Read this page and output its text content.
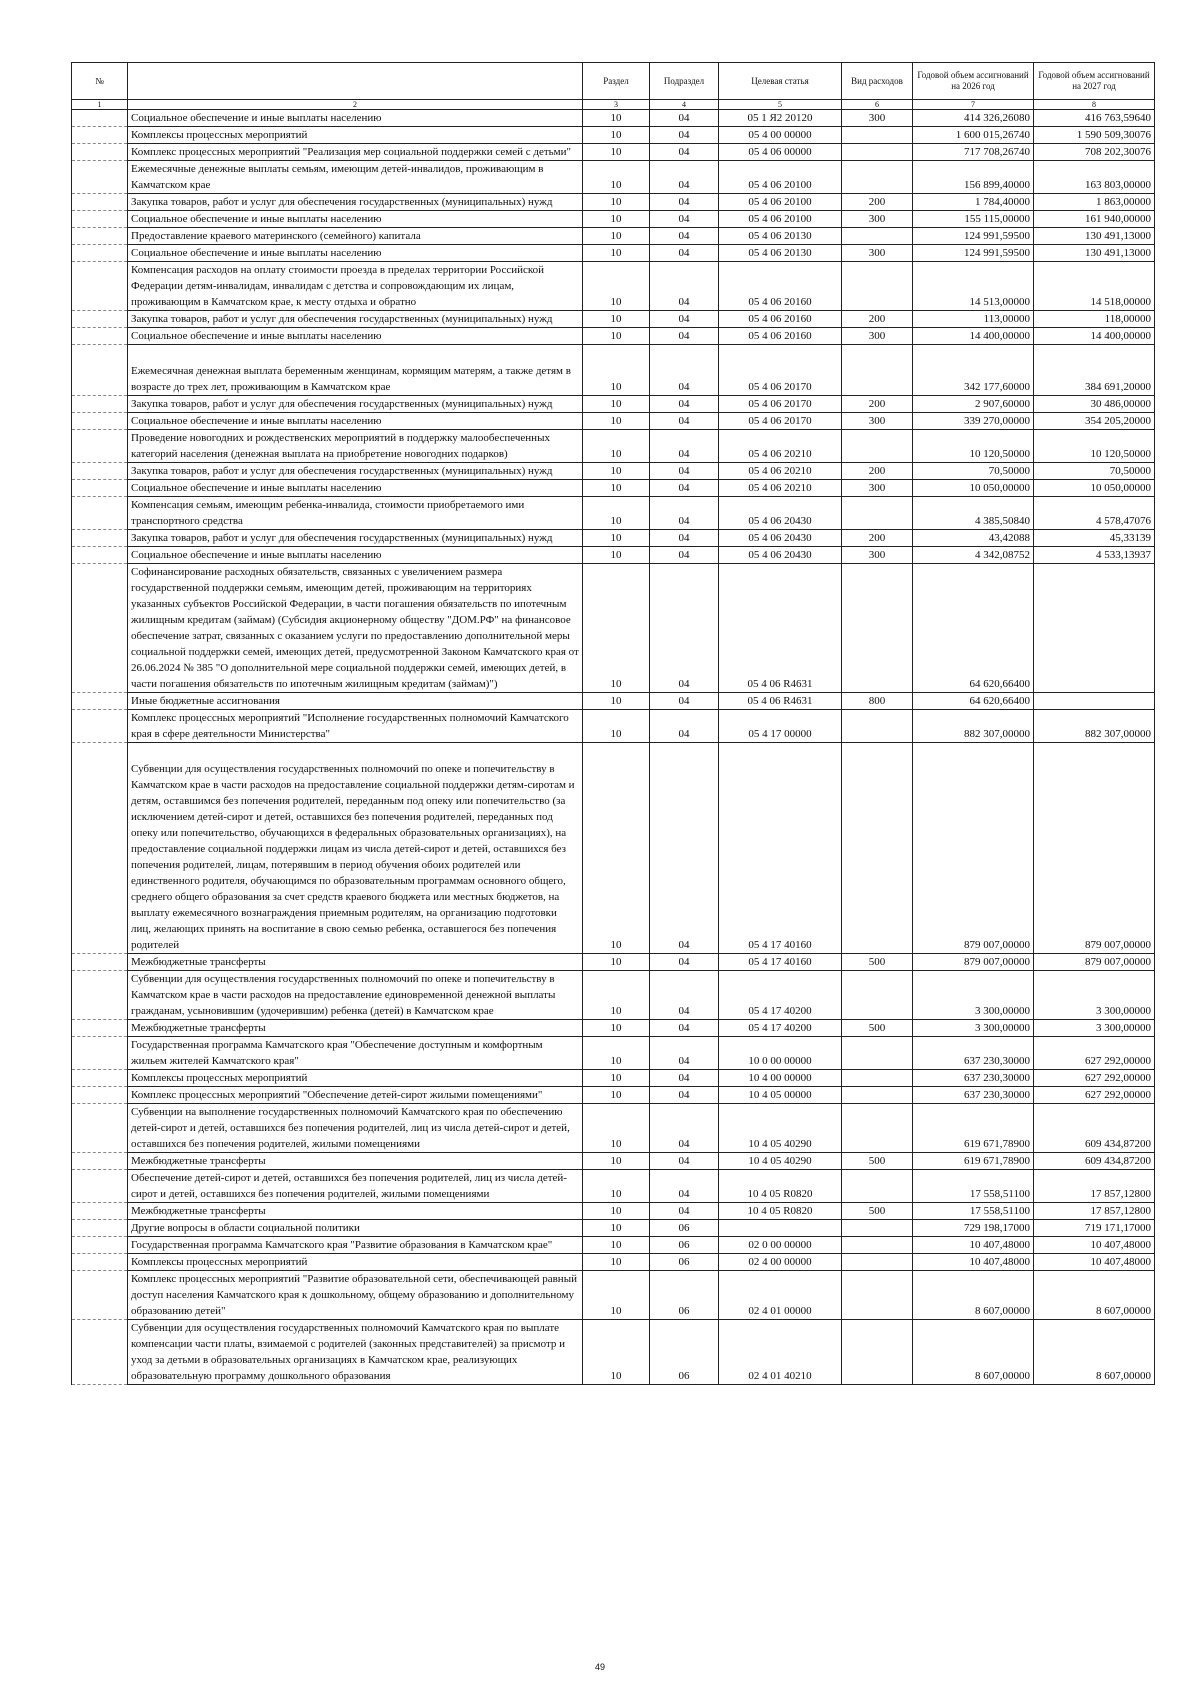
№		Раздел	Подраздел	Целевая статья	Вид расходов	Годовой объем ассигнований на 2026 год	Годовой объем ассигнований на 2027 год
1	2	3	4	5	6	7	8
	Социальное обеспечение и иные выплаты населению	10	04	05 1 Я2 20120	300	414 326,26080	416 763,59640
	Комплексы процессных мероприятий	10	04	05 4 00 00000		1 600 015,26740	1 590 509,30076
	Комплекс процессных мероприятий "Реализация мер социальной поддержки семей с детьми"	10	04	05 4 06 00000		717 708,26740	708 202,30076
	Ежемесячные денежные выплаты семьям, имеющим детей-инвалидов, проживающим в Камчатском крае	10	04	05 4 06 20100		156 899,40000	163 803,00000
	Закупка товаров, работ и услуг для обеспечения государственных (муниципальных) нужд	10	04	05 4 06 20100	200	1 784,40000	1 863,00000
	Социальное обеспечение и иные выплаты населению	10	04	05 4 06 20100	300	155 115,00000	161 940,00000
	Предоставление краевого материнского (семейного) капитала	10	04	05 4 06 20130		124 991,59500	130 491,13000
	Социальное обеспечение и иные выплаты населению	10	04	05 4 06 20130	300	124 991,59500	130 491,13000
	Компенсация расходов на оплату стоимости проезда в пределах территории Российской Федерации детям-инвалидам, инвалидам с детства и сопровождающим их лицам, проживающим в Камчатском крае, к месту отдыха и обратно	10	04	05 4 06 20160		14 513,00000	14 518,00000
	Закупка товаров, работ и услуг для обеспечения государственных (муниципальных) нужд	10	04	05 4 06 20160	200	113,00000	118,00000
	Социальное обеспечение и иные выплаты населению	10	04	05 4 06 20160	300	14 400,00000	14 400,00000
	Ежемесячная денежная выплата беременным женщинам, кормящим матерям, а также детям в возрасте до трех лет, проживающим в Камчатском крае	10	04	05 4 06 20170		342 177,60000	384 691,20000
	Закупка товаров, работ и услуг для обеспечения государственных (муниципальных) нужд	10	04	05 4 06 20170	200	2 907,60000	30 486,00000
	Социальное обеспечение и иные выплаты населению	10	04	05 4 06 20170	300	339 270,00000	354 205,20000
	Проведение новогодних и рождественских мероприятий в поддержку малообеспеченных категорий населения (денежная выплата на приобретение новогодних подарков)	10	04	05 4 06 20210		10 120,50000	10 120,50000
	Закупка товаров, работ и услуг для обеспечения государственных (муниципальных) нужд	10	04	05 4 06 20210	200	70,50000	70,50000
	Социальное обеспечение и иные выплаты населению	10	04	05 4 06 20210	300	10 050,00000	10 050,00000
	Компенсация семьям, имеющим ребенка-инвалида, стоимости приобретаемого ими транспортного средства	10	04	05 4 06 20430		4 385,50840	4 578,47076
	Закупка товаров, работ и услуг для обеспечения государственных (муниципальных) нужд	10	04	05 4 06 20430	200	43,42088	45,33139
	Социальное обеспечение и иные выплаты населению	10	04	05 4 06 20430	300	4 342,08752	4 533,13937
	Софинансирование расходных обязательств, связанных с увеличением размера государственной поддержки семьям, имеющим детей, проживающим на территориях указанных субъектов Российской Федерации, в части погашения обязательств по ипотечным жилищным кредитам (займам) (Субсидия акционерному обществу "ДОМ.РФ" на финансовое обеспечение затрат, связанных с оказанием услуги по предоставлению дополнительной меры социальной поддержки семей, имеющих детей, предусмотренной Законом Камчатского края от 26.06.2024 № 385 "О дополнительной мере социальной поддержки семей, имеющих детей, в части погашения обязательств по ипотечным жилищным кредитам (займам)")	10	04	05 4 06 R4631		64 620,66400	
	Иные бюджетные ассигнования	10	04	05 4 06 R4631	800	64 620,66400	
	Комплекс процессных мероприятий "Исполнение государственных полномочий Камчатского края в сфере деятельности Министерства"	10	04	05 4 17 00000		882 307,00000	882 307,00000
	Субвенции для осуществления государственных полномочий по опеке и попечительству в Камчатском крае в части расходов на предоставление социальной поддержки детям-сиротам и детям, оставшимся без попечения родителей, переданным под опеку или попечительство (за исключением детей-сирот и детей, оставшихся без попечения родителей, переданных под опеку или попечительство, обучающихся в федеральных образовательных организациях), на предоставление социальной поддержки лицам из числа детей-сирот и детей, оставшихся без попечения родителей, лицам, потерявшим в период обучения обоих родителей или единственного родителя, обучающимся по образовательным программам основного общего, среднего общего образования за счет средств краевого бюджета или местных бюджетов, на выплату ежемесячного вознаграждения приемным родителям, на организацию подготовки лиц, желающих принять на воспитание в свою семью ребенка, оставшегося без попечения родителей	10	04	05 4 17 40160		879 007,00000	879 007,00000
	Межбюджетные трансферты	10	04	05 4 17 40160	500	879 007,00000	879 007,00000
	Субвенции для осуществления государственных полномочий по опеке и попечительству в Камчатском крае в части расходов на предоставление единовременной денежной выплаты гражданам, усыновившим (удочерившим) ребенка (детей) в Камчатском крае	10	04	05 4 17 40200		3 300,00000	3 300,00000
	Межбюджетные трансферты	10	04	05 4 17 40200	500	3 300,00000	3 300,00000
	Государственная программа Камчатского края "Обеспечение доступным и комфортным жильем жителей Камчатского края"	10	04	10 0 00 00000		637 230,30000	627 292,00000
	Комплексы процессных мероприятий	10	04	10 4 00 00000		637 230,30000	627 292,00000
	Комплекс процессных мероприятий "Обеспечение детей-сирот жилыми помещениями"	10	04	10 4 05 00000		637 230,30000	627 292,00000
	Субвенции на выполнение государственных полномочий Камчатского края по обеспечению детей-сирот и детей, оставшихся без попечения родителей, лиц из числа детей-сирот и детей, оставшихся без попечения родителей, жилыми помещениями	10	04	10 4 05 40290		619 671,78900	609 434,87200
	Межбюджетные трансферты	10	04	10 4 05 40290	500	619 671,78900	609 434,87200
	Обеспечение детей-сирот и детей, оставшихся без попечения родителей, лиц из числа детей-сирот и детей, оставшихся без попечения родителей, жилыми помещениями	10	04	10 4 05 R0820		17 558,51100	17 857,12800
	Межбюджетные трансферты	10	04	10 4 05 R0820	500	17 558,51100	17 857,12800
	Другие вопросы в области социальной политики	10	06			729 198,17000	719 171,17000
	Государственная программа Камчатского края "Развитие образования в Камчатском крае"	10	06	02 0 00 00000		10 407,48000	10 407,48000
	Комплексы процессных мероприятий	10	06	02 4 00 00000		10 407,48000	10 407,48000
	Комплекс процессных мероприятий "Развитие образовательной сети, обеспечивающей равный доступ населения Камчатского края к дошкольному, общему образованию и дополнительному образованию детей"	10	06	02 4 01 00000		8 607,00000	8 607,00000
	Субвенции для осуществления государственных полномочий Камчатского края по выплате компенсации части платы, взимаемой с родителей (законных представителей) за присмотр и уход за детьми в образовательных организациях в Камчатском крае, реализующих образовательную программу дошкольного образования	10	06	02 4 01 40210		8 607,00000	8 607,00000
49
